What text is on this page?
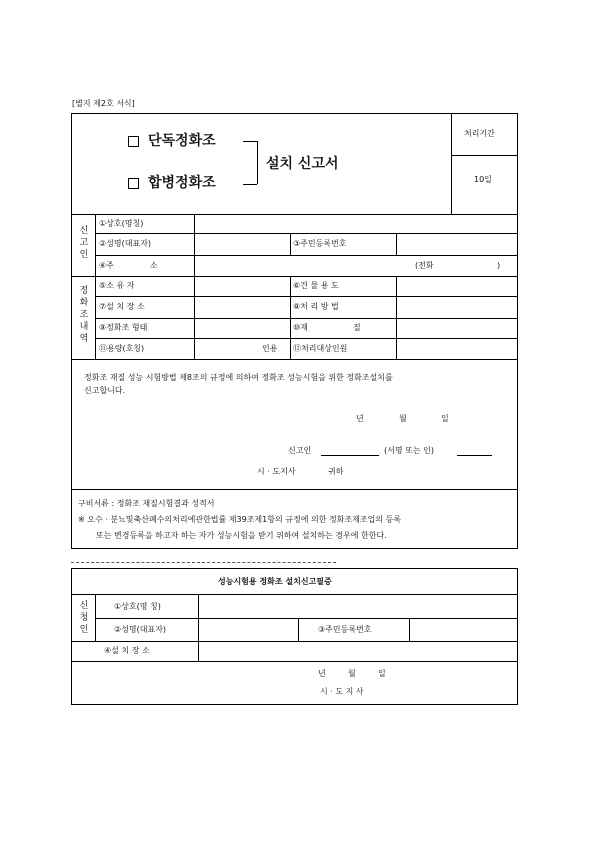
[별지 제2호 서식]
처리기간
10일
단독정화조
합병정화조
설치 신고서
신
고
인
정
화
조
내
역
①상호(명칭)
②성명(대표자)	③주민등록번호
④주	소	(전화	)
⑤소 유 자	⑥건 물 용 도
⑦설 치 장 소	⑧처 리 방 법
⑨정화조 형태	⑩재	질
⑪용량(호칭)	인용 ⑫처리대상인원
정화조 재질 성능 시험방법 제8조의 규정에 의하여 정화조 성능시험을 위한 정화조설치를
신고합니다.
년	월	일
신고인	(서명 또는 인)
시 · 도지사	귀하
구비서류 : 정화조 재질시험결과 성적서
※ 오수 · 분뇨및축산폐수의처리에관한법률 제39조제1항의 규정에 의한 정화조제조업의 등록
또는 변경등록을 하고자 하는 자가 성능시험을 받기 위하여 설치하는 경우에 한한다.
성능시험용 정화조 설치신고필증
신
청
인
①상호(명 칭)
②성명(대표자)	③주민등록번호
④설 치 장 소
년	월	일
시 · 도 지 사
